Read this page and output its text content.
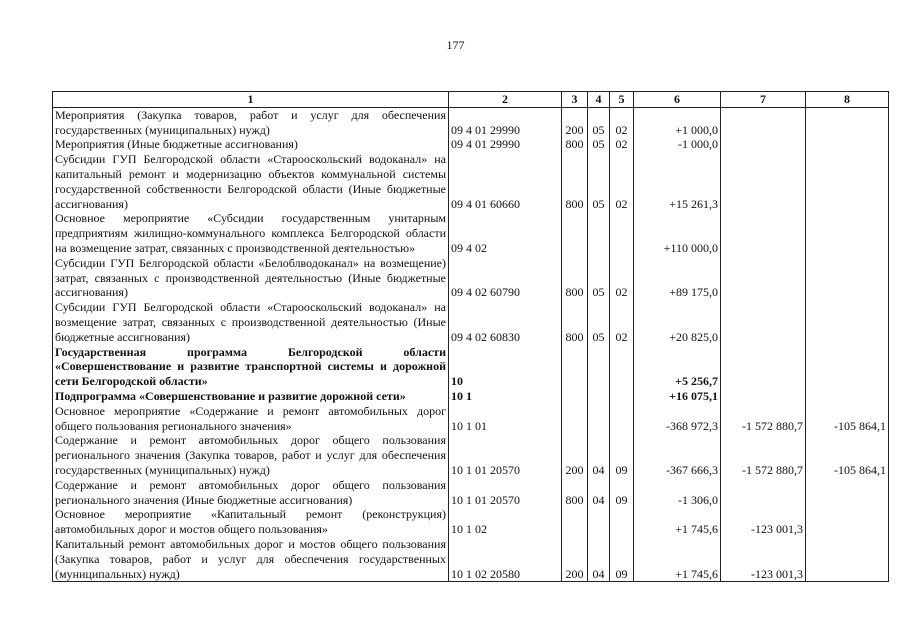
177
1	2	3	4	5	6	7	8
Мероприятия (Закупка товаров, работ и услуг для обеспечения государственных (муниципальных) нужд)	09 4 01 29990	200	05	02	+1 000,0		
Мероприятия (Иные бюджетные ассигнования)	09 4 01 29990	800	05	02	-1 000,0		
Субсидии ГУП Белгородской области «Старооскольский водоканал» на капитальный ремонт и модернизацию объектов коммунальной системы государственной собственности Белгородской области (Иные бюджетные ассигнования)	09 4 01 60660	800	05	02	+15 261,3		
Основное мероприятие «Субсидии государственным унитарным предприятиям жилищно-коммунального комплекса Белгородской области на возмещение затрат, связанных с производственной деятельностью»	09 4 02				+110 000,0		
Субсидии ГУП Белгородской области «Белоблводоканал» на возмещение) затрат, связанных с производственной деятельностью (Иные бюджетные ассигнования)	09 4 02 60790	800	05	02	+89 175,0		
Субсидии ГУП Белгородской области «Старооскольский водоканал» на возмещение затрат, связанных с производственной деятельностью (Иные бюджетные ассигнования)	09 4 02 60830	800	05	02	+20 825,0		
Государственная программа Белгородской области «Совершенствование и развитие транспортной системы и дорожной сети Белгородской области»	10				+5 256,7		
Подпрограмма «Совершенствование и развитие дорожной сети»	10 1				+16 075,1		
Основное мероприятие «Содержание и ремонт автомобильных дорог общего пользования регионального значения»	10 1 01				-368 972,3	-1 572 880,7	-105 864,1
Содержание и ремонт автомобильных дорог общего пользования регионального значения (Закупка товаров, работ и услуг для обеспечения государственных (муниципальных) нужд)	10 1 01 20570	200	04	09	-367 666,3	-1 572 880,7	-105 864,1
Содержание и ремонт автомобильных дорог общего пользования регионального значения (Иные бюджетные ассигнования)	10 1 01 20570	800	04	09	-1 306,0		
Основное мероприятие «Капитальный ремонт (реконструкция) автомобильных дорог и мостов общего пользования»	10 1 02				+1 745,6	-123 001,3	
Капитальный ремонт автомобильных дорог и мостов общего пользования (Закупка товаров, работ и услуг для обеспечения государственных (муниципальных) нужд)	10 1 02 20580	200	04	09	+1 745,6	-123 001,3	
